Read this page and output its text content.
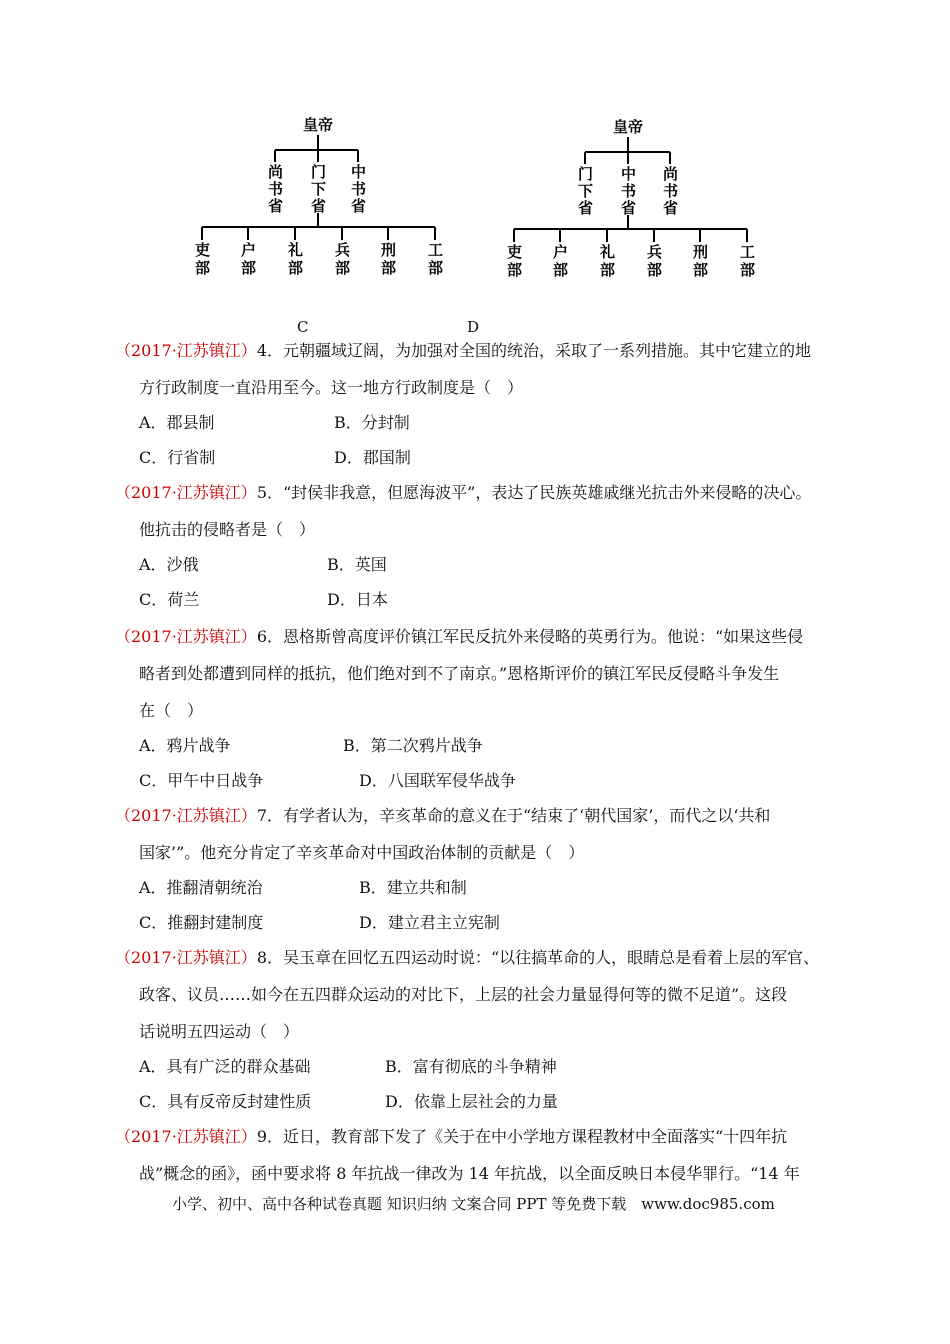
皇帝
尚书省
门下省
中书省
吏部
户部
礼部
兵部
刑部
工部
C
皇帝
门下省
中书省
尚书省
吏部
户部
礼部
兵部
刑部
工部
D
（2017·江苏镇江）4．元朝疆域辽阔，为加强对全国的统治，采取了一系列措施。其中它建立的地
方行政制度一直沿用至今。这一地方行政制度是（　）
A．郡县制	B．分封制
C．行省制	D．郡国制
（2017·江苏镇江）5．“封侯非我意，但愿海波平”，表达了民族英雄戚继光抗击外来侵略的决心。
他抗击的侵略者是（　）
A．沙俄	B．英国
C．荷兰	D．日本
（2017·江苏镇江）6．恩格斯曾高度评价镇江军民反抗外来侵略的英勇行为。他说：“如果这些侵
略者到处都遭到同样的抵抗，他们绝对到不了南京。”恩格斯评价的镇江军民反侵略斗争发生
在（　）
A．鸦片战争	B．第二次鸦片战争
C．甲午中日战争	D．八国联军侵华战争
（2017·江苏镇江）7．有学者认为，辛亥革命的意义在于“结束了‘朝代国家’，而代之以‘共和
国家’”。他充分肯定了辛亥革命对中国政治体制的贡献是（　）
A．推翻清朝统治	B．建立共和制
C．推翻封建制度	D．建立君主立宪制
（2017·江苏镇江）8．吴玉章在回忆五四运动时说：“以往搞革命的人，眼睛总是看着上层的军官、
政客、议员……如今在五四群众运动的对比下，上层的社会力量显得何等的微不足道”。这段
话说明五四运动（　）
A．具有广泛的群众基础	B．富有彻底的斗争精神
C．具有反帝反封建性质	D．依靠上层社会的力量
（2017·江苏镇江）9．近日，教育部下发了《关于在中小学地方课程教材中全面落实“十四年抗
战”概念的函》，函中要求将 8 年抗战一律改为 14 年抗战，以全面反映日本侵华罪行。“14 年
小学、初中、高中各种试卷真题 知识归纳 文案合同 PPT 等免费下载　www.doc985.com
